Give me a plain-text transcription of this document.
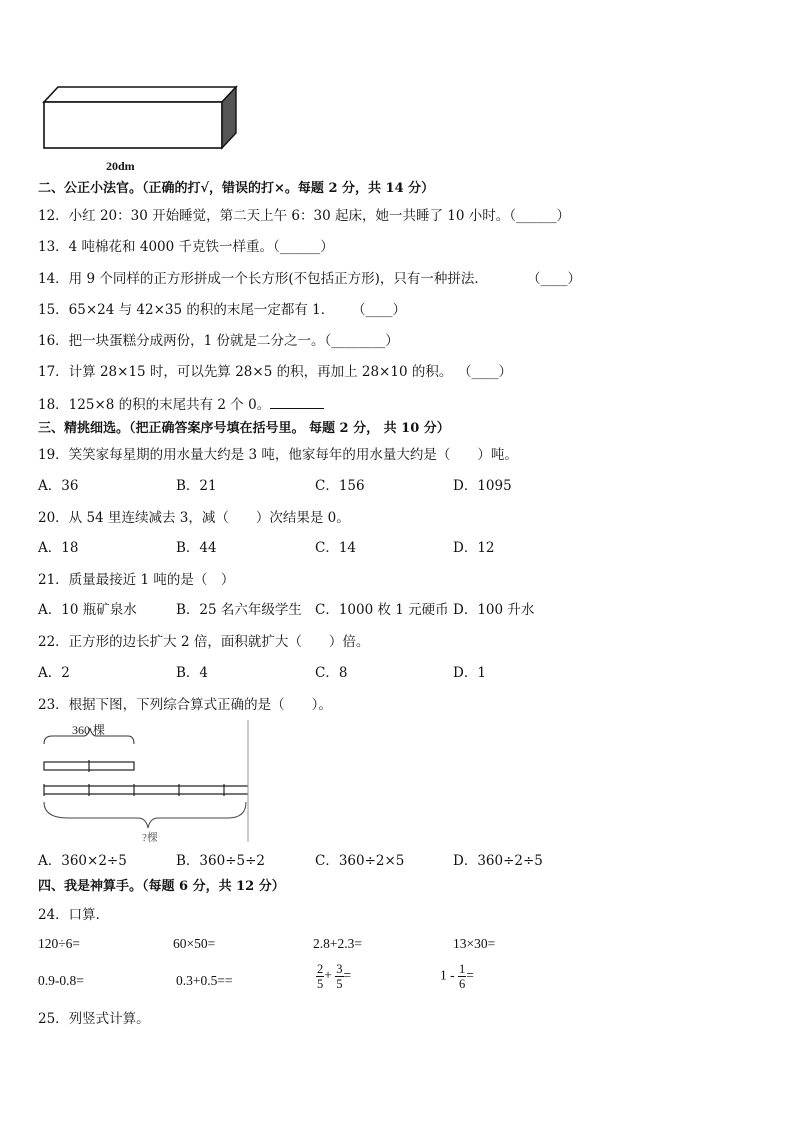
20dm
二、公正小法官。（正确的打√，错误的打×。每题 2 分，共 14 分）
12．小红 20：30 开始睡觉，第二天上午 6：30 起床，她一共睡了 10 小时。（______）
13．4 吨棉花和 4000 千克铁一样重。（______）
14．用 9 个同样的正方形拼成一个长方形(不包括正方形)，只有一种拼法．	（____）
15．65×24 与 42×35 的积的末尾一定都有 1． （____）
16．把一块蛋糕分成两份，1 份就是二分之一。（________）
17．计算 28×15 时，可以先算 28×5 的积，再加上 28×10 的积。 （____）
18．125×8 的积的末尾共有 2 个 0。
三、精挑细选。（把正确答案序号填在括号里。 每题 2 分， 共 10 分）
19．笑笑家每星期的用水量大约是 3 吨，他家每年的用水量大约是（　　）吨。
A．36	B．21	C．156	D．1095
20．从 54 里连续减去 3，减（　　）次结果是 0。
A．18	B．44	C．14	D．12
21．质量最接近 1 吨的是（　）
A．10 瓶矿泉水	B．25 名六年级学生 C．1000 枚 1 元硬币 D．100 升水
22．正方形的边长扩大 2 倍，面积就扩大（　　）倍。
A．2	B．4	C．8	D．1
23．根据下图，下列综合算式正确的是（　　）。
360 棵
?棵
A．360×2÷5	B．360÷5÷2	C．360÷2×5	D．360÷2÷5
四、我是神算手。（每题 6 分，共 12 分）
24．口算．
120÷6=	60×50=	2.8+2.3=	13×30=
0.9-0.8=	0.3+0.5==	$\frac{2}{5} + \frac{3}{5}$ =	$1 - \frac{1}{6}$ =
25．列竖式计算。
